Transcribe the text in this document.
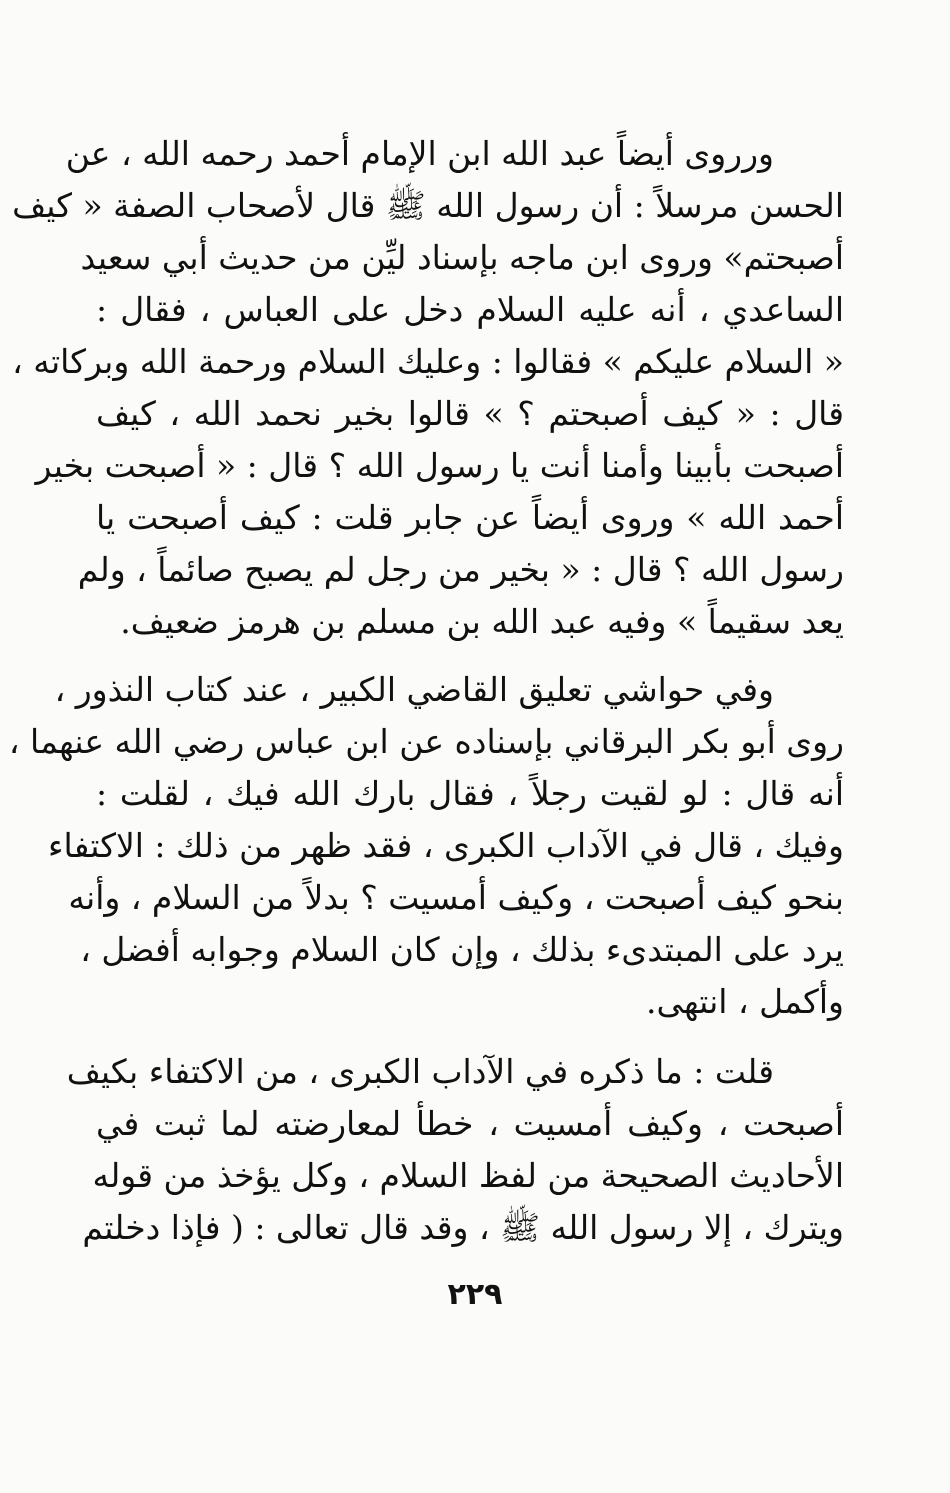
ورروى أيضاً عبد الله ابن الإمام أحمد رحمه الله ، عن
الحسن مرسلاً : أن رسول الله ﷺ قال لأصحاب الصفة « كيف
أصبحتم» وروى ابن ماجه بإسناد ليِّن من حديث أبي سعيد
الساعدي ، أنه عليه السلام دخل على العباس ، فقال :
« السلام عليكم » فقالوا : وعليك السلام ورحمة الله وبركاته ،
قال : « كيف أصبحتم ؟ » قالوا بخير نحمد الله ، كيف
أصبحت بأبينا وأمنا أنت يا رسول الله ؟ قال : « أصبحت بخير
أحمد الله » وروى أيضاً عن جابر قلت : كيف أصبحت يا
رسول الله ؟ قال : « بخير من رجل لم يصبح صائماً ، ولم
يعد سقيماً » وفيه عبد الله بن مسلم بن هرمز ضعيف.
وفي حواشي تعليق القاضي الكبير ، عند كتاب النذور ،
روى أبو بكر البرقاني بإسناده عن ابن عباس رضي الله عنهما ،
أنه قال : لو لقيت رجلاً ، فقال بارك الله فيك ، لقلت :
وفيك ، قال في الآداب الكبرى ، فقد ظهر من ذلك : الاكتفاء
بنحو كيف أصبحت ، وكيف أمسيت ؟ بدلاً من السلام ، وأنه
يرد على المبتدىء بذلك ، وإن كان السلام وجوابه أفضل ،
وأكمل ، انتهى.
قلت : ما ذكره في الآداب الكبرى ، من الاكتفاء بكيف
أصبحت ، وكيف أمسيت ، خطأ لمعارضته لما ثبت في
الأحاديث الصحيحة من لفظ السلام ، وكل يؤخذ من قوله
ويترك ، إلا رسول الله ﷺ ، وقد قال تعالى : ( فإذا دخلتم
٢٢٩
